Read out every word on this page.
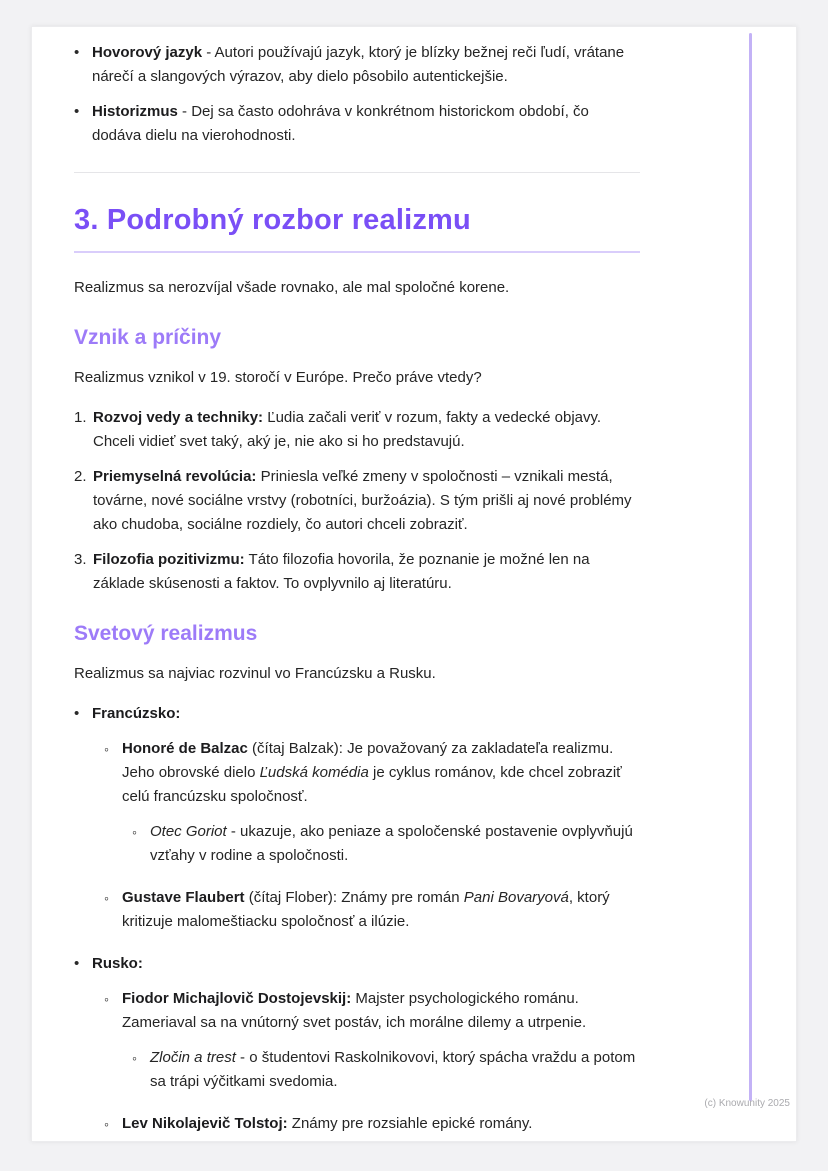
• Hovorový jazyk - Autori používajú jazyk, ktorý je blízky bežnej reči ľudí, vrátane nárečí a slangových výrazov, aby dielo pôsobilo autentickejšie.
• Historizmus - Dej sa často odohráva v konkrétnom historickom období, čo dodáva dielu na vierohodnosti.
3. Podrobný rozbor realizmu

Realizmus sa nerozvíjal všade rovnako, ale mal spoločné korene.

Vznik a príčiny

Realizmus vznikol v 19. storočí v Európe. Prečo práve vtedy?

1. Rozvoj vedy a techniky: Ľudia začali veriť v rozum, fakty a vedecké objavy. Chceli vidieť svet taký, aký je, nie ako si ho predstavujú.
2. Priemyselná revolúcia: Priniesla veľké zmeny v spoločnosti – vznikali mestá, továrne, nové sociálne vrstvy (robotníci, buržoázia). S tým prišli aj nové problémy ako chudoba, sociálne rozdiely, čo autori chceli zobraziť.
3. Filozofia pozitivizmu: Táto filozofia hovorila, že poznanie je možné len na základe skúsenosti a faktov. To ovplyvnilo aj literatúru.
Svetový realizmus

Realizmus sa najviac rozvinul vo Francúzsku a Rusku.

• Francúzsko:
◦ Honoré de Balzac (čítaj Balzak): Je považovaný za zakladateľa realizmu. Jeho obrovské dielo Ľudská komédia je cyklus románov, kde chcel zobraziť celú francúzsku spoločnosť.
◦ Otec Goriot - ukazuje, ako peniaze a spoločenské postavenie ovplyvňujú vzťahy v rodine a spoločnosti.
◦ Gustave Flaubert (čítaj Flober): Známy pre román Pani Bovaryová, ktorý kritizuje malomeštiacku spoločnosť a ilúzie.
• Rusko:
◦ Fiodor Michajlovič Dostojevskij: Majster psychologického románu. Zameriaval sa na vnútorný svet postáv, ich morálne dilemy a utrpenie.
◦ Zločin a trest - o študentovi Raskolnikovovi, ktorý spácha vraždu a potom sa trápi výčitkami svedomia.
◦ Lev Nikolajevič Tolstoj: Známy pre rozsiahle epické romány.
(c) Knowunity 2025
